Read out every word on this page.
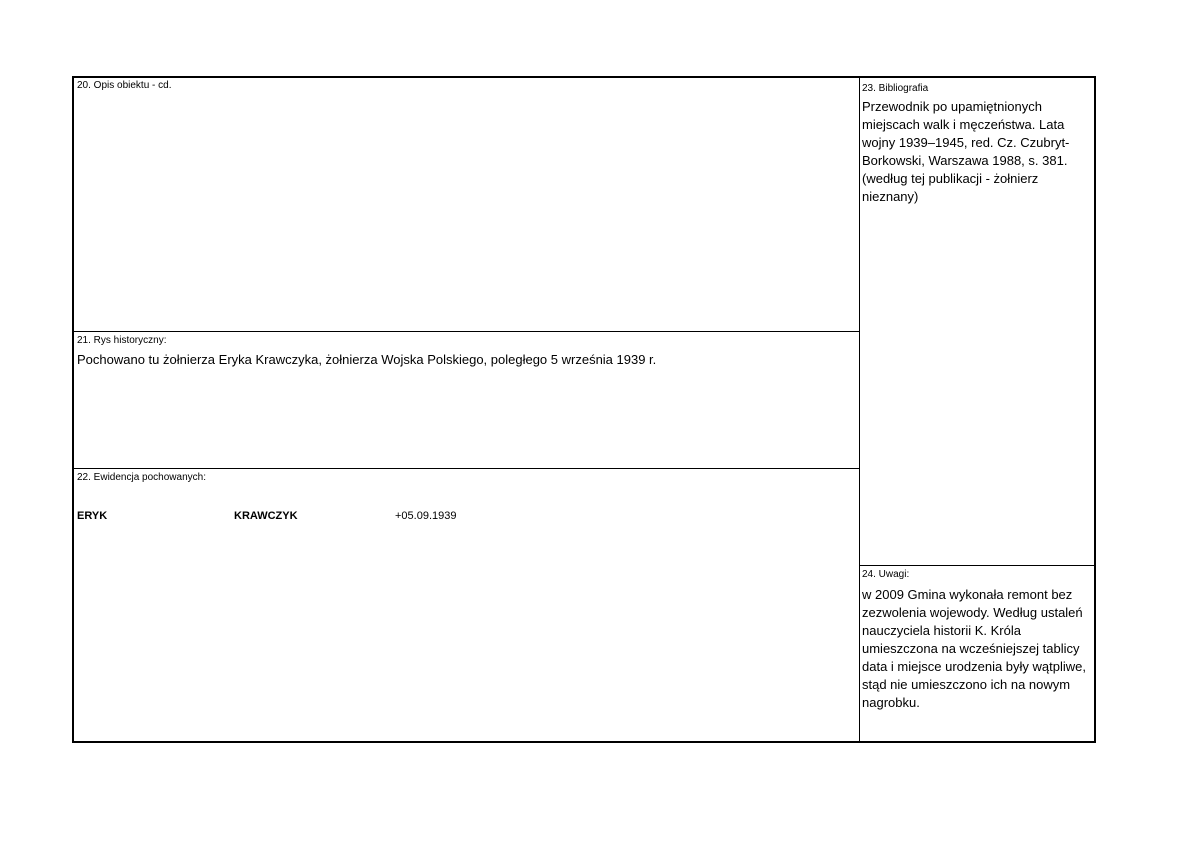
20. Opis obiektu - cd.
21. Rys historyczny:
Pochowano tu żołnierza Eryka Krawczyka, żołnierza Wojska Polskiego, poległego 5 września 1939 r.
22. Ewidencja pochowanych:
ERYK	KRAWCZYK	+05.09.1939
23. Bibliografia
Przewodnik po upamiętnionych miejscach walk i męczeństwa. Lata wojny 1939–1945, red. Cz. Czubryt-Borkowski, Warszawa 1988, s. 381. (według tej publikacji - żołnierz nieznany)
24. Uwagi:
w 2009 Gmina wykonała remont bez zezwolenia wojewody. Według ustaleń nauczyciela historii K. Króla umieszczona na wcześniejszej tablicy data i miejsce urodzenia były wątpliwe, stąd nie umieszczono ich na nowym nagrobku.
